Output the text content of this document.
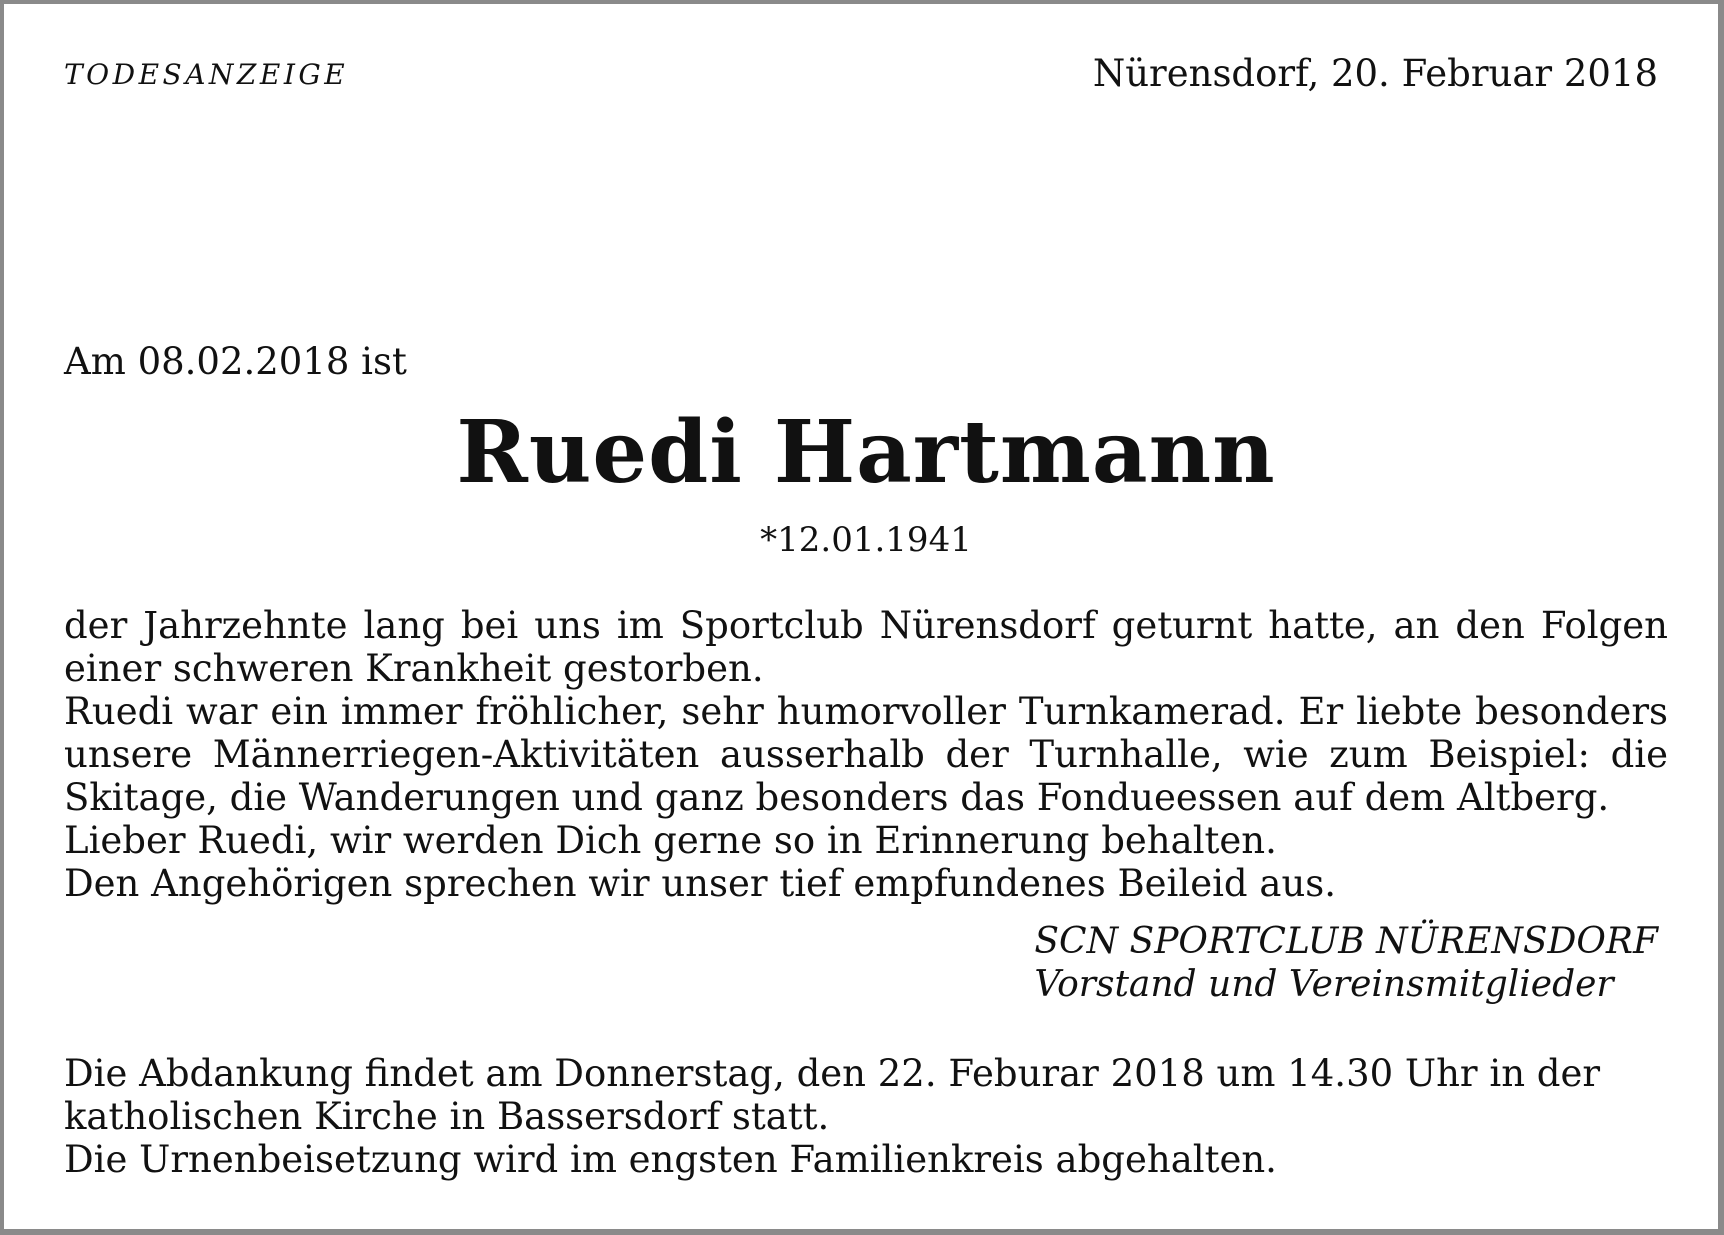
TODESANZEIGE	Nürensdorf, 20. Februar 2018
Am 08.02.2018 ist
Ruedi Hartmann
*12.01.1941

der Jahrzehnte lang bei uns im Sportclub Nürensdorf geturnt hatte, an den Folgen einer schweren Krankheit gestorben.

Ruedi war ein immer fröhlicher, sehr humorvoller Turnkamerad. Er liebte besonders unsere Männerriegen-Aktivitäten ausserhalb der Turnhalle, wie zum Beispiel: die Skitage, die Wanderungen und ganz besonders das Fondueessen auf dem Altberg.

Lieber Ruedi, wir werden Dich gerne so in Erinnerung behalten.

Den Angehörigen sprechen wir unser tief empfundenes Beileid aus.

SCN SPORTCLUB NÜRENSDORF
Vorstand und Vereinsmitglieder

Die Abdankung findet am Donnerstag, den 22. Feburar 2018 um 14.30 Uhr in der katholischen Kirche in Bassersdorf statt.

Die Urnenbeisetzung wird im engsten Familienkreis abgehalten.
